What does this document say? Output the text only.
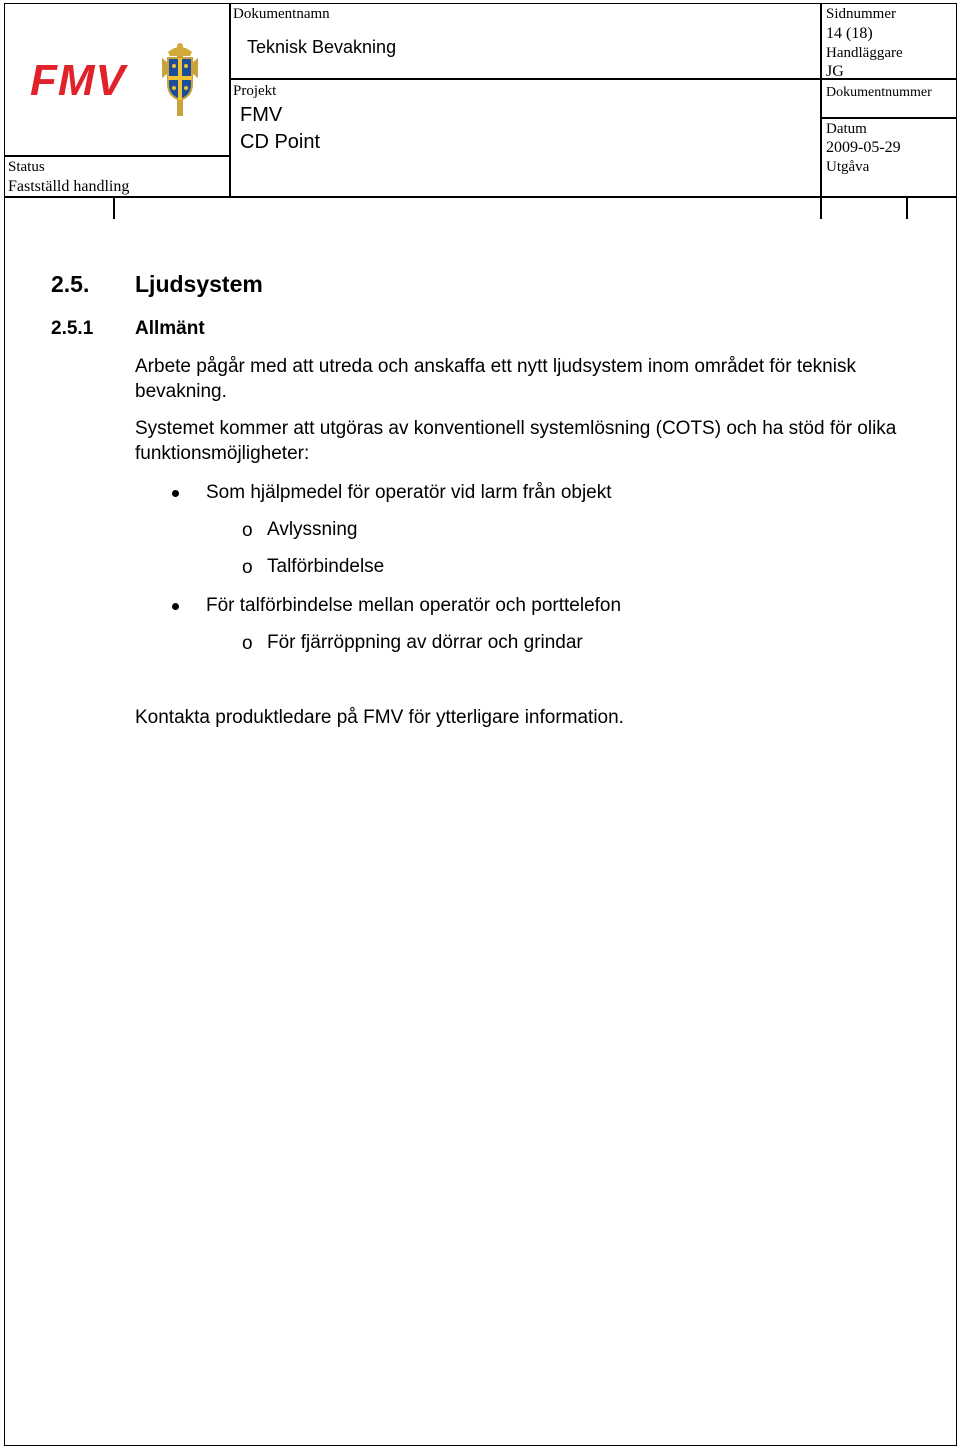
FMV
Status
Fastställd handling
Dokumentnamn
Teknisk Bevakning
Projekt
FMV
CD Point
Sidnummer
14 (18)
Handläggare
JG
Dokumentnummer
Datum
2009-05-29
Utgåva
2.5. Ljudsystem
2.5.1 Allmänt
Arbete pågår med att utreda och anskaffa ett nytt ljudsystem inom området för teknisk bevakning.
Systemet kommer att utgöras av konventionell systemlösning (COTS) och ha stöd för olika funktionsmöjligheter:
Som hjälpmedel för operatör vid larm från objekt
o Avlyssning
o Talförbindelse
För talförbindelse mellan operatör och porttelefon
o För fjärröppning av dörrar och grindar
Kontakta produktledare på FMV för ytterligare information.
